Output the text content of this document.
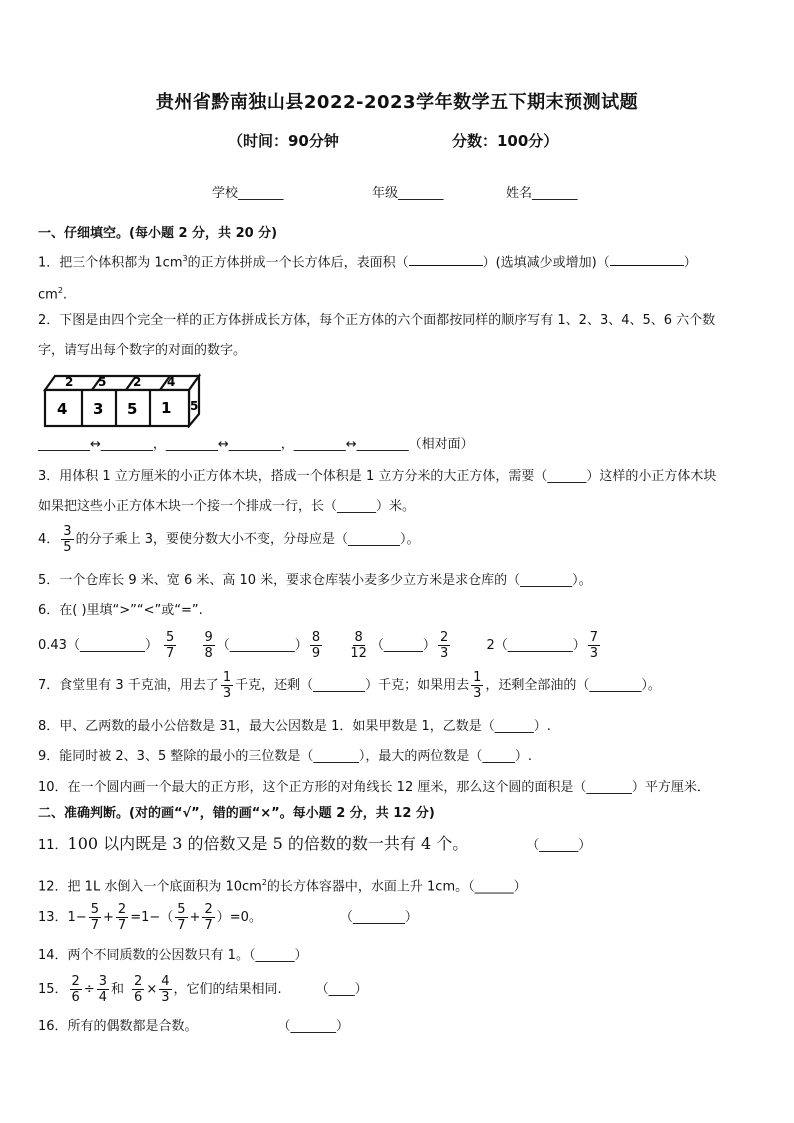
贵州省黔南独山县2022-2023学年数学五下期末预测试题
（时间：90分钟	分数：100分）
学校_______	年级_______	姓名_______
一、仔细填空。(每小题 2 分，共 20 分)
1．把三个体积都为 $1cm^3$的正方体拼成一个长方体后，表面积（	）(选填减少或增加)（	）
$cm^2$.
2．下图是由四个完全一样的正方体拼成长方体，每个正方体的六个面都按同样的顺序写有 1、2、3、4、5、6 六个数
字，请写出每个数字的对面的数字。
2 5 2 4
4 3 5 1 5
________↔________，________↔________，________↔________（相对面）
3．用体积 1 立方厘米的小正方体木块，搭成一个体积是 1 立方分米的大正方体，需要（______）这样的小正方体木块
如果把这些小正方体木块一个接一个排成一行，长（______）米。
4． $\frac{3}{5}$ 的分子乘上 3，要使分数大小不变，分母应是（________）。
5．一个仓库长 9 米、宽 6 米、高 10 米，要求仓库装小麦多少立方米是求仓库的（________）。
6．在( )里填“>”“<”或“=”.
0.43（__________） $\frac{5}{7}$
$\frac{9}{8}$ （__________） $\frac{8}{9}$
$\frac{8}{12}$ （______） $\frac{2}{3}$	2（__________） $\frac{7}{3}$
7．食堂里有 3 千克油，用去了 $\frac{1}{3}$ 千克，还剩（________）千克；如果用去 $\frac{1}{3}$ ，还剩全部油的（________）。
8．甲、乙两数的最小公倍数是 31，最大公因数是 1．如果甲数是 1，乙数是（______）.
9．能同时被 2、3、5 整除的最小的三位数是（_______），最大的两位数是（_____）.
10．在一个圆内画一个最大的正方形，这个正方形的对角线长 12 厘米，那么这个圆的面积是（_______）平方厘米．
二、准确判断。(对的画“√”，错的画“×”。每小题 2 分，共 12 分)
11．100 以内既是 3 的倍数又是 5 的倍数的数一共有 4 个。	（______）
12．把 1L 水倒入一个底面积为 $10cm^2$的长方体容器中，水面上升 1cm。（______）
13．$1- \frac{5}{7} + \frac{2}{7} =1-( \frac{5}{7} + \frac{2}{7} )=0$。	（________）
14．两个不同质数的公因数只有 1。（______）
15． $\frac{2}{6} \div \frac{3}{4}$ 和 $\frac{2}{6} \times \frac{4}{3}$ ，它们的结果相同.	（____）
16．所有的偶数都是合数。	（_______）
